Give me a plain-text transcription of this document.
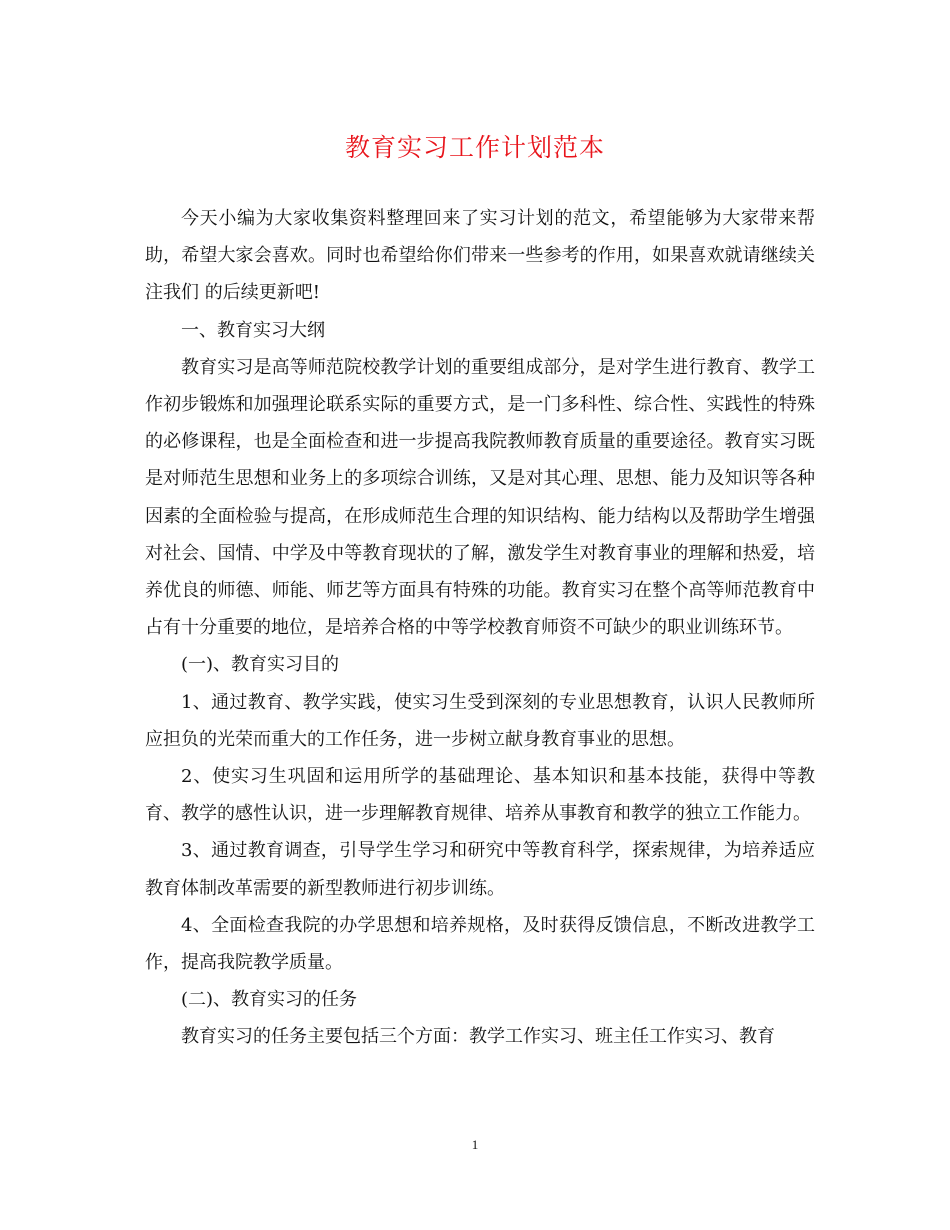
教育实习工作计划范本

今天小编为大家收集资料整理回来了实习计划的范文，希望能够为大家带来帮助，希望大家会喜欢。同时也希望给你们带来一些参考的作用，如果喜欢就请继续关注我们 的后续更新吧!

一、教育实习大纲

教育实习是高等师范院校教学计划的重要组成部分，是对学生进行教育、教学工作初步锻炼和加强理论联系实际的重要方式，是一门多科性、综合性、实践性的特殊的必修课程，也是全面检查和进一步提高我院教师教育质量的重要途径。教育实习既是对师范生思想和业务上的多项综合训练，又是对其心理、思想、能力及知识等各种因素的全面检验与提高，在形成师范生合理的知识结构、能力结构以及帮助学生增强对社会、国情、中学及中等教育现状的了解，激发学生对教育事业的理解和热爱，培养优良的师德、师能、师艺等方面具有特殊的功能。教育实习在整个高等师范教育中占有十分重要的地位，是培养合格的中等学校教育师资不可缺少的职业训练环节。

(一)、教育实习目的

1、通过教育、教学实践，使实习生受到深刻的专业思想教育，认识人民教师所应担负的光荣而重大的工作任务，进一步树立献身教育事业的思想。

2、使实习生巩固和运用所学的基础理论、基本知识和基本技能，获得中等教育、教学的感性认识，进一步理解教育规律、培养从事教育和教学的独立工作能力。

3、通过教育调查，引导学生学习和研究中等教育科学，探索规律，为培养适应教育体制改革需要的新型教师进行初步训练。

4、全面检查我院的办学思想和培养规格，及时获得反馈信息，不断改进教学工作，提高我院教学质量。

(二)、教育实习的任务

教育实习的任务主要包括三个方面：教学工作实习、班主任工作实习、教育

1
